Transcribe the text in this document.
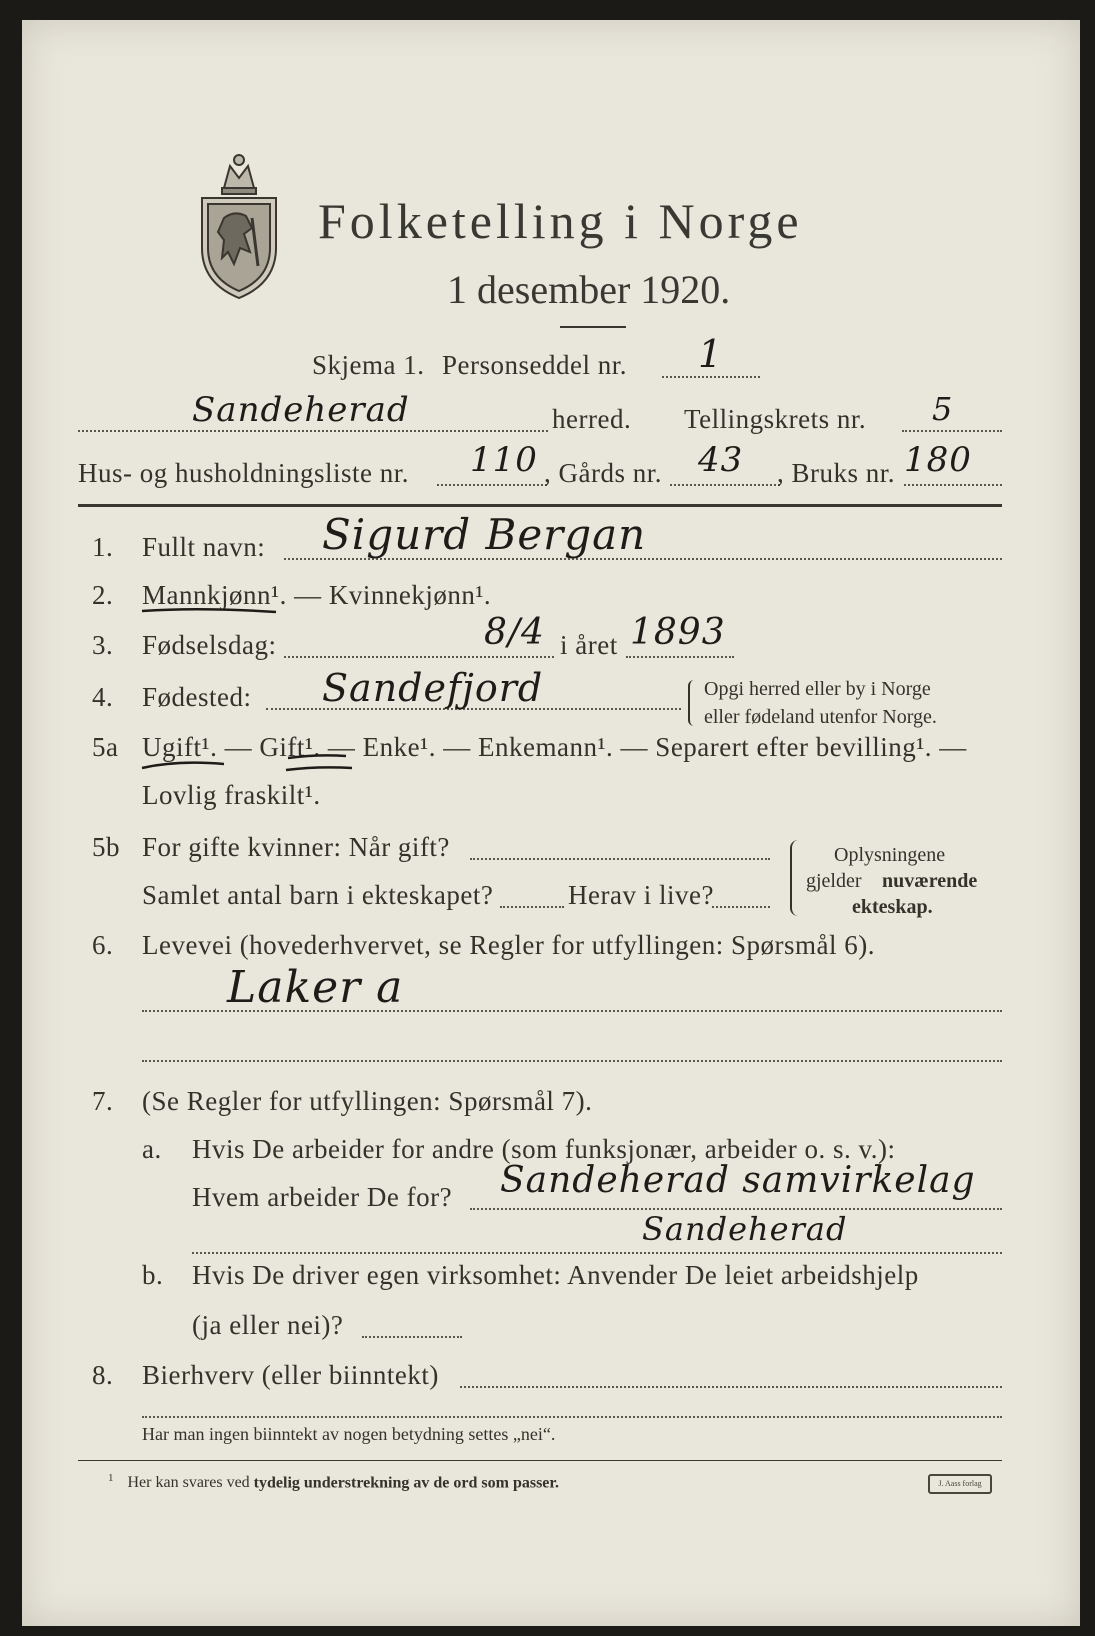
Folketelling i Norge
1 desember 1920.
Skjema 1. Personseddel nr. 1
Sandeherad	herred. Tellingskrets nr. 5
Hus- og husholdningsliste nr. 110 , Gårds nr. 43 , Bruks nr. 180
1. Fullt navn: Sigurd Bergan
2. Mannkjønn¹. — Kvinnekjønn¹.
3. Fødselsdag:	8/4 i året 1893
4. Fødested: Sandefjord	Opgi herred eller by i Norge
eller fødeland utenfor Norge.
5a Ugift¹. — Gift¹. — Enke¹. — Enkemann¹. — Separert efter bevilling¹. —
Lovlig fraskilt¹.
5b For gifte kvinner: Når gift?
Samlet antal barn i ekteskapet?	Herav i live?
Oplysningene
gjelder nuværende
ekteskap.
6. Levevei (hovederhvervet, se Regler for utfyllingen: Spørsmål 6).
Laker a
7. (Se Regler for utfyllingen: Spørsmål 7).
a. Hvis De arbeider for andre (som funksjonær, arbeider o. s. v.):
Hvem arbeider De for? Sandeherad samvirkelag
Sandeherad
b. Hvis De driver egen virksomhet: Anvender De leiet arbeidshjelp
(ja eller nei)?
8. Bierhverv (eller biinntekt)
Har man ingen biinntekt av nogen betydning settes „nei“.
$^1$ Her kan svares ved tydelig understrekning av de ord som passer.	J. Aass forlag
